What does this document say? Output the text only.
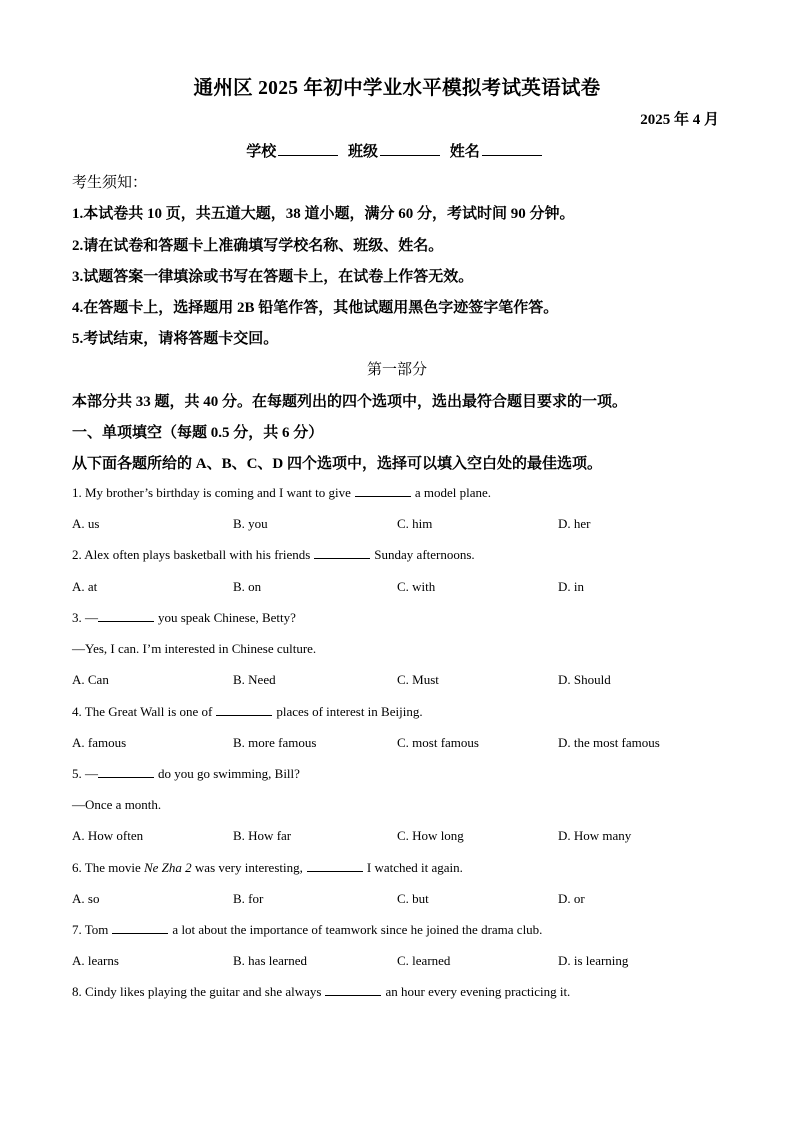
通州区 2025 年初中学业水平模拟考试英语试卷
2025 年 4 月
学校	班级	姓名
考生须知：
1.本试卷共 10 页，共五道大题，38 道小题，满分 60 分，考试时间 90 分钟。
2.请在试卷和答题卡上准确填写学校名称、班级、姓名。
3.试题答案一律填涂或书写在答题卡上，在试卷上作答无效。
4.在答题卡上，选择题用 2B 铅笔作答，其他试题用黑色字迹签字笔作答。
5.考试结束，请将答题卡交回。
第一部分
本部分共 33 题，共 40 分。在每题列出的四个选项中，选出最符合题目要求的一项。
一、单项填空（每题 0.5 分，共 6 分）
从下面各题所给的 A、B、C、D 四个选项中，选择可以填入空白处的最佳选项。
1. My brother’s birthday is coming and I want to give	a model plane.
A. us	B. you	C. him	D. her
2. Alex often plays basketball with his friends	Sunday afternoons.
A. at	B. on	C. with	D. in
3. —	you speak Chinese, Betty?
—Yes, I can. I’m interested in Chinese culture.
A. Can	B. Need	C. Must	D. Should
4. The Great Wall is one of	places of interest in Beijing.
A. famous	B. more famous	C. most famous	D. the most famous
5. —	do you go swimming, Bill?
—Once a month.
A. How often	B. How far	C. How long	D. How many
6. The movie Ne Zha 2 was very interesting,	I watched it again.
A. so	B. for	C. but	D. or
7. Tom	a lot about the importance of teamwork since he joined the drama club.
A. learns	B. has learned	C. learned	D. is learning
8. Cindy likes playing the guitar and she always	an hour every evening practicing it.
